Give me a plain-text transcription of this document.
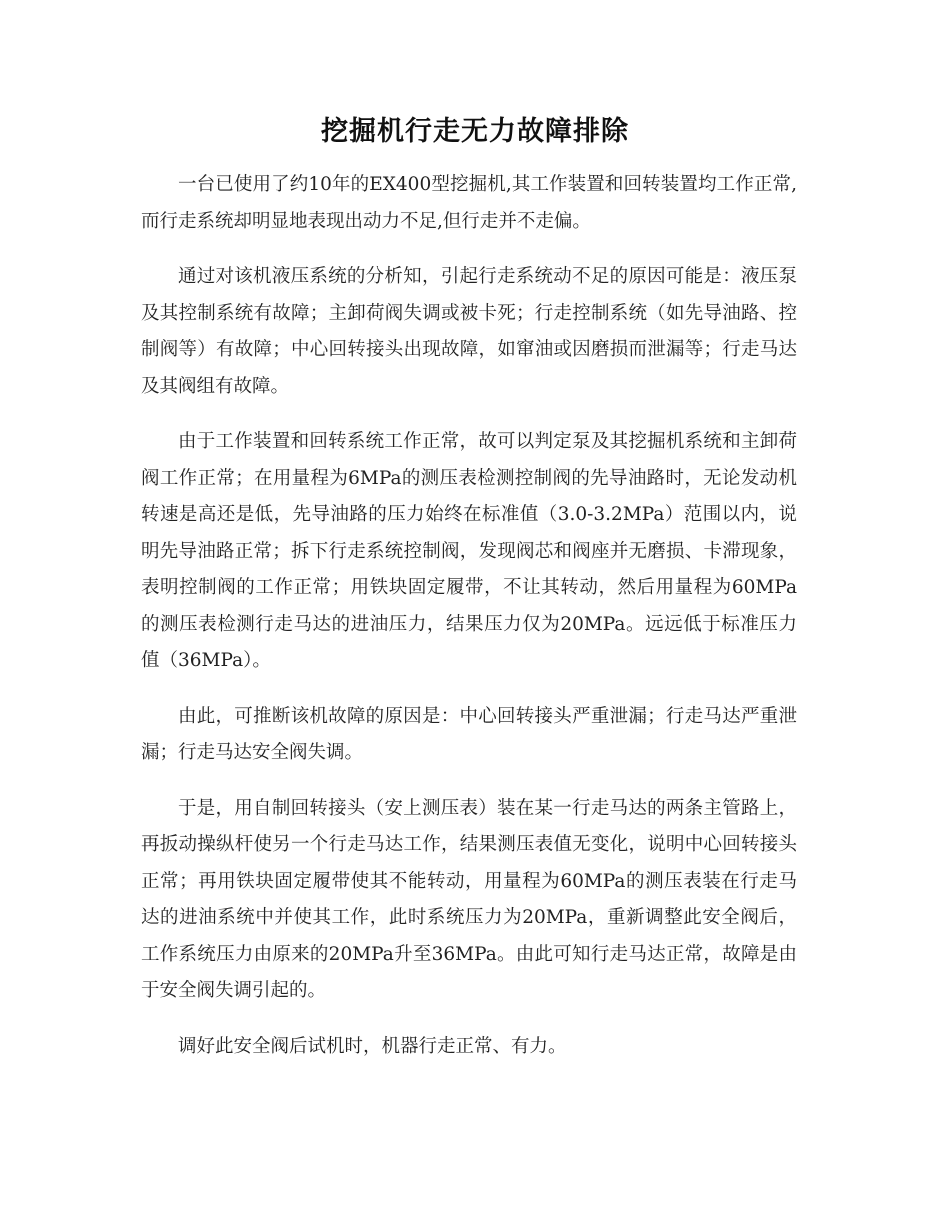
挖掘机行走无力故障排除

一台已使用了约10年的EX400型挖掘机,其工作装置和回转装置均工作正常,而行走系统却明显地表现出动力不足,但行走并不走偏。

通过对该机液压系统的分析知，引起行走系统动不足的原因可能是：液压泵及其控制系统有故障；主卸荷阀失调或被卡死；行走控制系统（如先导油路、控制阀等）有故障；中心回转接头出现故障，如窜油或因磨损而泄漏等；行走马达及其阀组有故障。

由于工作装置和回转系统工作正常，故可以判定泵及其挖掘机系统和主卸荷阀工作正常；在用量程为6MPa的测压表检测控制阀的先导油路时，无论发动机转速是高还是低，先导油路的压力始终在标准值（3.0-3.2MPa）范围以内，说明先导油路正常；拆下行走系统控制阀，发现阀芯和阀座并无磨损、卡滞现象，表明控制阀的工作正常；用铁块固定履带，不让其转动，然后用量程为60MPa的测压表检测行走马达的进油压力，结果压力仅为20MPa。远远低于标准压力值（36MPa）。

由此，可推断该机故障的原因是：中心回转接头严重泄漏；行走马达严重泄漏；行走马达安全阀失调。

于是，用自制回转接头（安上测压表）装在某一行走马达的两条主管路上，再扳动操纵杆使另一个行走马达工作，结果测压表值无变化，说明中心回转接头正常；再用铁块固定履带使其不能转动，用量程为60MPa的测压表装在行走马达的进油系统中并使其工作，此时系统压力为20MPa，重新调整此安全阀后，工作系统压力由原来的20MPa升至36MPa。由此可知行走马达正常，故障是由于安全阀失调引起的。

调好此安全阀后试机时，机器行走正常、有力。
